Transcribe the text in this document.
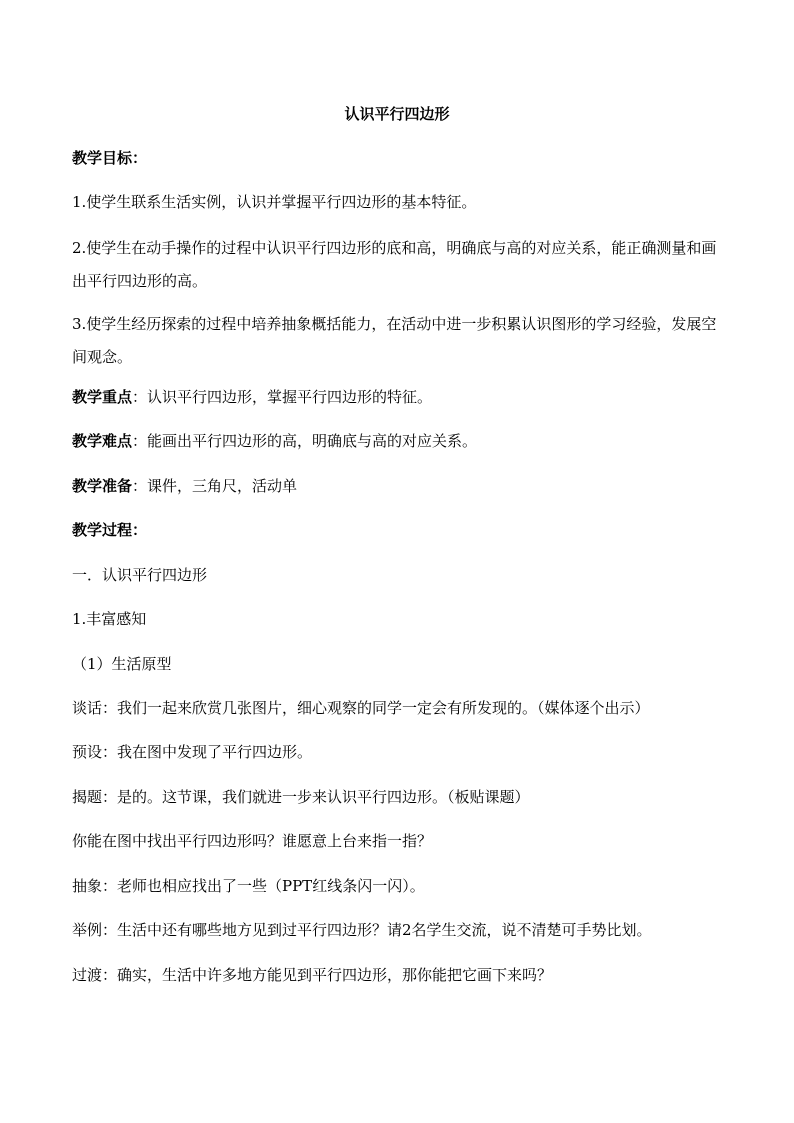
认识平行四边形
教学目标：
1.使学生联系生活实例，认识并掌握平行四边形的基本特征。
2.使学生在动手操作的过程中认识平行四边形的底和高，明确底与高的对应关系，能正确测量和画出平行四边形的高。
3.使学生经历探索的过程中培养抽象概括能力，在活动中进一步积累认识图形的学习经验，发展空间观念。
教学重点：认识平行四边形，掌握平行四边形的特征。
教学难点：能画出平行四边形的高，明确底与高的对应关系。
教学准备：课件，三角尺，活动单
教学过程：
一．认识平行四边形
1.丰富感知
（1）生活原型
谈话：我们一起来欣赏几张图片，细心观察的同学一定会有所发现的。（媒体逐个出示）
预设：我在图中发现了平行四边形。
揭题：是的。这节课，我们就进一步来认识平行四边形。（板贴课题）
你能在图中找出平行四边形吗？谁愿意上台来指一指？
抽象：老师也相应找出了一些（PPT红线条闪一闪）。
举例：生活中还有哪些地方见到过平行四边形？请2名学生交流，说不清楚可手势比划。
过渡：确实，生活中许多地方能见到平行四边形，那你能把它画下来吗？
